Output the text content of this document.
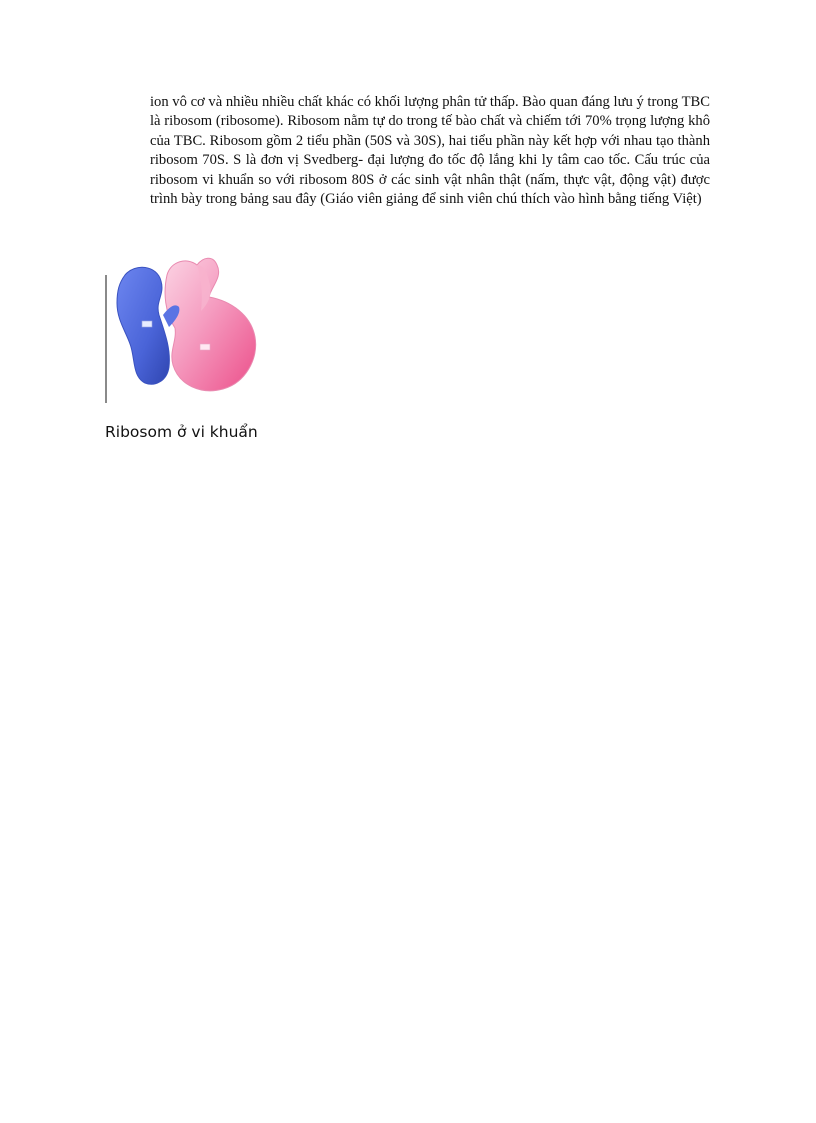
ion vô cơ và nhiều nhiều chất khác có khối lượng phân tử thấp. Bào quan đáng lưu ý trong TBC là ribosom (ribosome). Ribosom nằm tự do trong tế bào chất và chiếm tới 70% trọng lượng khô của TBC. Ribosom gồm 2 tiểu phần (50S và 30S), hai tiểu phần này kết hợp với nhau tạo thành ribosom 70S. S là đơn vị Svedberg- đại lượng đo tốc độ lắng khi ly tâm cao tốc. Cấu trúc của ribosom vi khuẩn so với ribosom 80S ở các sinh vật nhân thật (nấm, thực vật, động vật) được trình bày trong bảng sau đây (Giáo viên giảng để sinh viên chú thích vào hình bằng tiếng Việt)

Ribosom ở vi khuẩn
